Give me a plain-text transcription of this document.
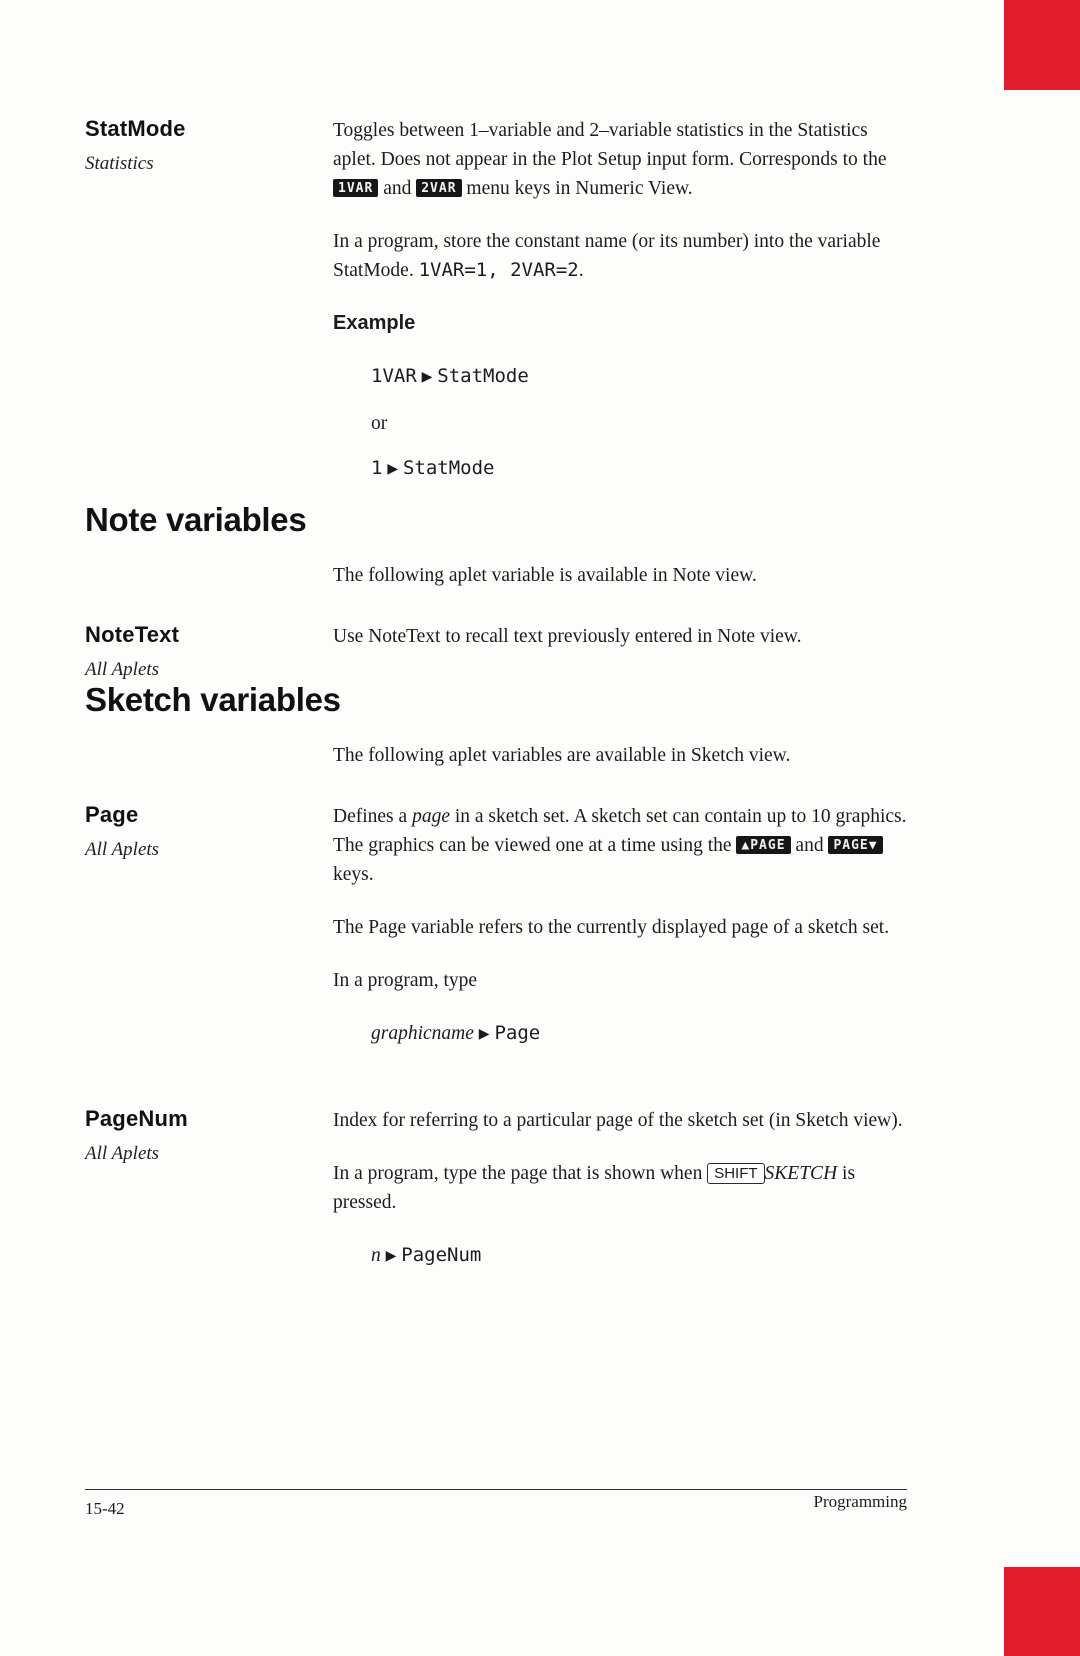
StatMode
Statistics

Toggles between 1–variable and 2–variable statistics in the Statistics aplet. Does not appear in the Plot Setup input form. Corresponds to the 1VAR and 2VAR menu keys in Numeric View.

In a program, store the constant name (or its number) into the variable StatMode. 1VAR=1, 2VAR=2.

Example

1VAR ▶ StatMode
or
1 ▶ StatMode
Note variables

The following aplet variable is available in Note view.

NoteText
All Aplets

Use NoteText to recall text previously entered in Note view.

Sketch variables

The following aplet variables are available in Sketch view.

Page
All Aplets

Defines a page in a sketch set. A sketch set can contain up to 10 graphics. The graphics can be viewed one at a time using the ▲PAGE and PAGE▼ keys.

The Page variable refers to the currently displayed page of a sketch set.

In a program, type

graphicname ▶ Page
PageNum
All Aplets

Index for referring to a particular page of the sketch set (in Sketch view).

In a program, type the page that is shown when SHIFT SKETCH is pressed.

n ▶ PageNum
15-42	Programming
